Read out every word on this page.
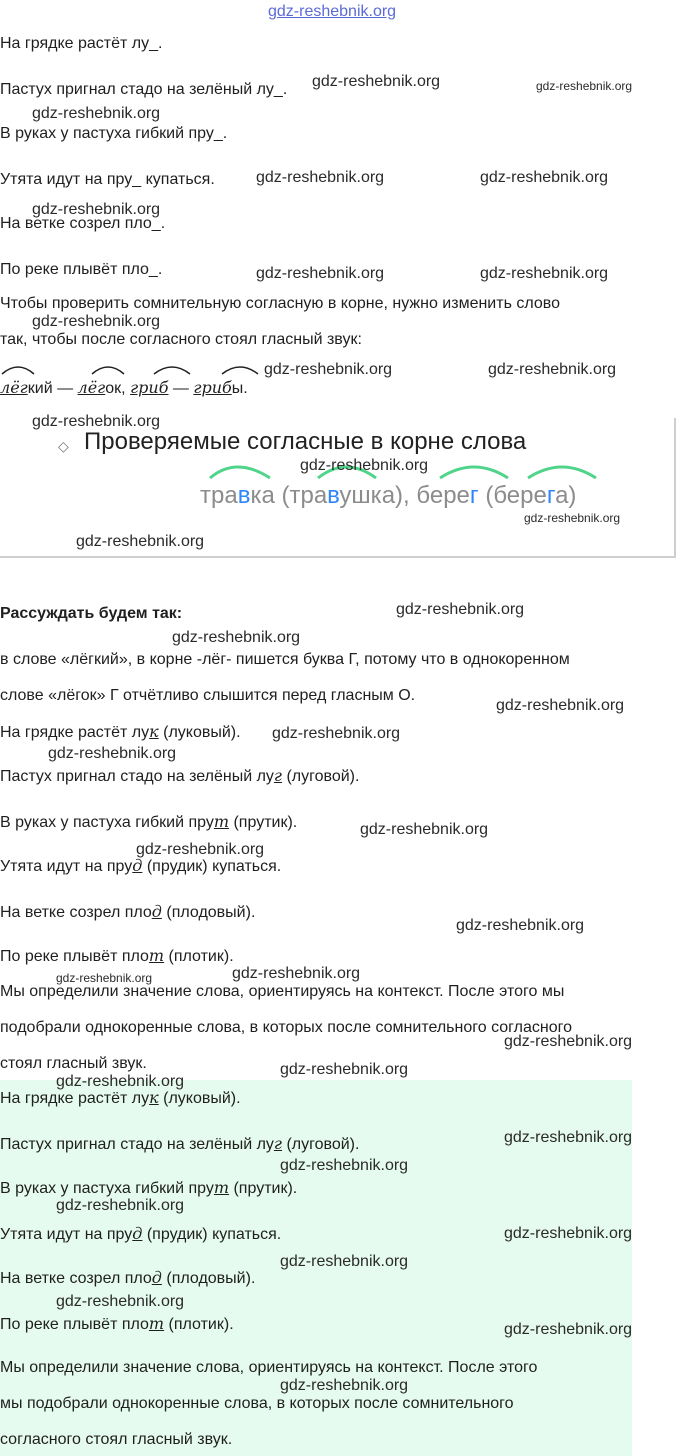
gdz-reshebnik.org
На грядке растёт лу_.
Пастух пригнал стадо на зелёный лу_.
В руках у пастуха гибкий пру_.
Утята идут на пру_ купаться.
На ветке созрел пло_.
По реке плывёт пло_.
Чтобы проверить сомнительную согласную в корне, нужно изменить слово
так, чтобы после согласного стоял гласный звук:
лёгкий — лёгок, гриб — грибы.
◇ Проверяемые согласные в корне слова
травка (травушка), берег (берега)
Рассуждать будем так:
в слове «лёгкий», в корне -лёг- пишется буква Г, потому что в однокоренном
слове «лёгок» Г отчётливо слышится перед гласным О.
На грядке растёт лук (луковый).
Пастух пригнал стадо на зелёный луг (луговой).
В руках у пастуха гибкий прут (прутик).
Утята идут на пруд (прудик) купаться.
На ветке созрел плод (плодовый).
По реке плывёт плот (плотик).
Мы определили значение слова, ориентируясь на контекст. После этого мы
подобрали однокоренные слова, в которых после сомнительного согласного
стоял гласный звук.
На грядке растёт лук (луковый).
Пастух пригнал стадо на зелёный луг (луговой).
В руках у пастуха гибкий прут (прутик).
Утята идут на пруд (прудик) купаться.
На ветке созрел плод (плодовый).
По реке плывёт плот (плотик).
Мы определили значение слова, ориентируясь на контекст. После этого
мы подобрали однокоренные слова, в которых после сомнительного
согласного стоял гласный звук.
gdz-reshebnik.org	gdz-reshebnik.org
gdz-reshebnik.org
gdz-reshebnik.org	gdz-reshebnik.org
gdz-reshebnik.org
gdz-reshebnik.org	gdz-reshebnik.org
gdz-reshebnik.org
gdz-reshebnik.org	gdz-reshebnik.org
gdz-reshebnik.org
gdz-reshebnik.org
gdz-reshebnik.org
gdz-reshebnik.org
gdz-reshebnik.org
gdz-reshebnik.org
gdz-reshebnik.org
gdz-reshebnik.org
gdz-reshebnik.org
gdz-reshebnik.org
gdz-reshebnik.org
gdz-reshebnik.org
gdz-reshebnik.org	gdz-reshebnik.org
gdz-reshebnik.org
gdz-reshebnik.org
gdz-reshebnik.org
gdz-reshebnik.org
gdz-reshebnik.org
gdz-reshebnik.org
gdz-reshebnik.org
gdz-reshebnik.org
gdz-reshebnik.org
gdz-reshebnik.org
gdz-reshebnik.org
